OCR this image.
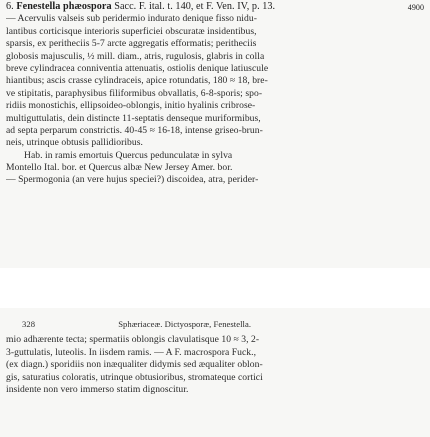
6. Fenestella phæospora Sacc. F. ital. t. 140, et F. Ven. IV, p. 13.	4900
— Acervulis valseis sub peridermio indurato denique fisso nidu-
lantibus corticisque interioris superficiei obscuratæ insidentibus,
sparsis, ex peritheciis 5-7 arcte aggregatis efformatis; peritheciis
globosis majusculis, ½ mill. diam., atris, rugulosis, glabris in colla
breve cylindracea conniventia attenuatis, ostiolis denique latiuscule
hiantibus; ascis crasse cylindraceis, apice rotundatis, 180 ≈ 18, bre-
ve stipitatis, paraphysibus filiformibus obvallatis, 6-8-sporis; spo-
ridiis monostichis, ellipsoideo-oblongis, initio hyalinis cribrose-
multiguttulatis, dein distincte 11-septatis denseque muriformibus,
ad septa perparum constrictis. 40-45 ≈ 16-18, intense griseo-brun-
neis, utrinque obtusis pallidioribus.
Hab. in ramis emortuis Quercus pedunculatæ in sylva
Montello Ital. bor. et Quercus albæ New Jersey Amer. bor.
— Spermogonia (an vere hujus speciei?) discoidea, atra, perider-
328	Sphæriaceæ. Dictyosporæ, Fenestella.
mio adhærente tecta; spermatiis oblongis clavulatisque 10 ≈ 3, 2-
3-guttulatis, luteolis. In iisdem ramis. — A F. macrospora Fuck.,
(ex diagn.) sporidiis non inæqualiter didymis sed æqualiter oblon-
gis, saturatius coloratis, utrinque obtusioribus, stromateque cortici
insidente non vero immerso statim dignoscitur.
